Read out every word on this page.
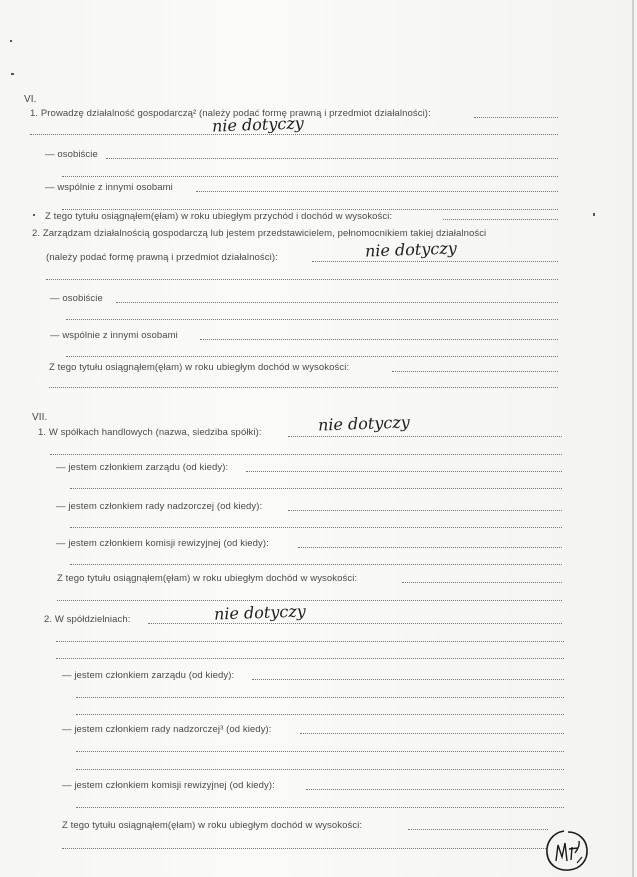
VI.
1. Prowadzę działalność gospodarczą² (należy podać formę prawną i przedmiot działalności):
nie dotyczy
— osobiście
— wspólnie z innymi osobami
Z tego tytułu osiągnąłem(ęłam) w roku ubiegłym przychód i dochód w wysokości:
2. Zarządzam działalnością gospodarczą lub jestem przedstawicielem, pełnomocnikiem takiej działalności
(należy podać formę prawną i przedmiot działalności):	nie dotyczy
— osobiście
— wspólnie z innymi osobami
Z tego tytułu osiągnąłem(ęłam) w roku ubiegłym dochód w wysokości:
VII.
1. W spółkach handlowych (nazwa, siedziba spółki):	nie dotyczy
— jestem członkiem zarządu (od kiedy):
— jestem członkiem rady nadzorczej (od kiedy):
— jestem członkiem komisji rewizyjnej (od kiedy):
Z tego tytułu osiągnąłem(ęłam) w roku ubiegłym dochód w wysokości:
2. W spółdzielniach:	nie dotyczy
— jestem członkiem zarządu (od kiedy):
— jestem członkiem rady nadzorczej³ (od kiedy):
— jestem członkiem komisji rewizyjnej (od kiedy):
Z tego tytułu osiągnąłem(ęłam) w roku ubiegłym dochód w wysokości:
